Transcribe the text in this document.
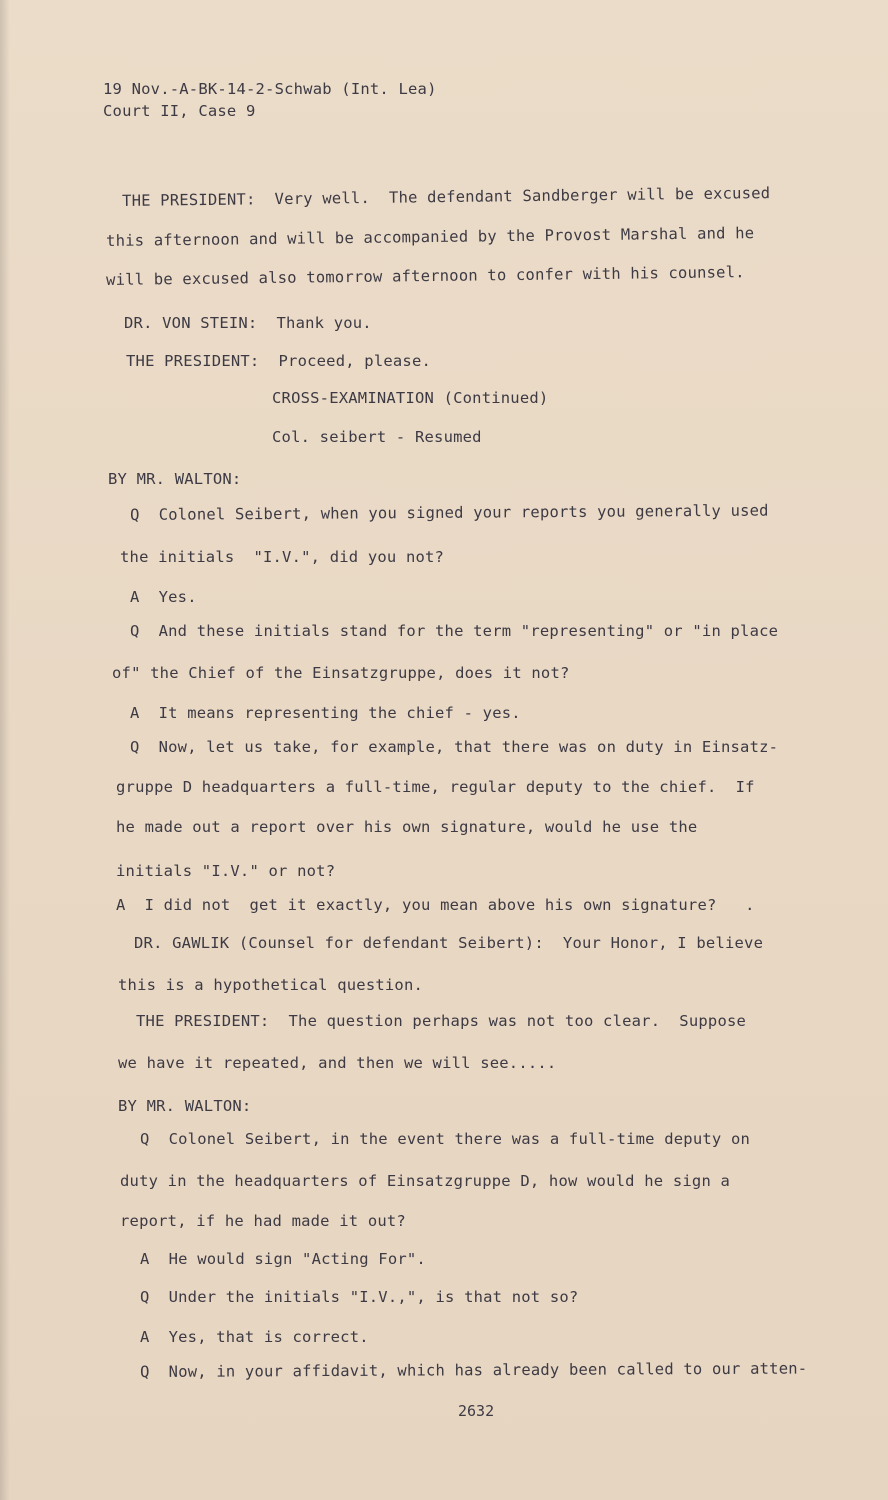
19 Nov.-A-BK-14-2-Schwab (Int. Lea)
Court II, Case 9
THE PRESIDENT:  Very well.  The defendant Sandberger will be excused
this afternoon and will be accompanied by the Provost Marshal and he
will be excused also tomorrow afternoon to confer with his counsel.
DR. VON STEIN:  Thank you.
THE PRESIDENT:  Proceed, please.
CROSS-EXAMINATION (Continued)
Col. seibert - Resumed
BY MR. WALTON:
Q  Colonel Seibert, when you signed your reports you generally used
the initials  "I.V.", did you not?
A  Yes.
Q  And these initials stand for the term "representing" or "in place
of" the Chief of the Einsatzgruppe, does it not?
A  It means representing the chief - yes.
Q  Now, let us take, for example, that there was on duty in Einsatz-
gruppe D headquarters a full-time, regular deputy to the chief.  If
he made out a report over his own signature, would he use the
initials "I.V." or not?
A  I did not  get it exactly, you mean above his own signature?   .
DR. GAWLIK (Counsel for defendant Seibert):  Your Honor, I believe
this is a hypothetical question.
THE PRESIDENT:  The question perhaps was not too clear.  Suppose
we have it repeated, and then we will see.....
BY MR. WALTON:
Q  Colonel Seibert, in the event there was a full-time deputy on
duty in the headquarters of Einsatzgruppe D, how would he sign a
report, if he had made it out?
A  He would sign "Acting For".
Q  Under the initials "I.V.,", is that not so?
A  Yes, that is correct.
Q  Now, in your affidavit, which has already been called to our atten-
2632
